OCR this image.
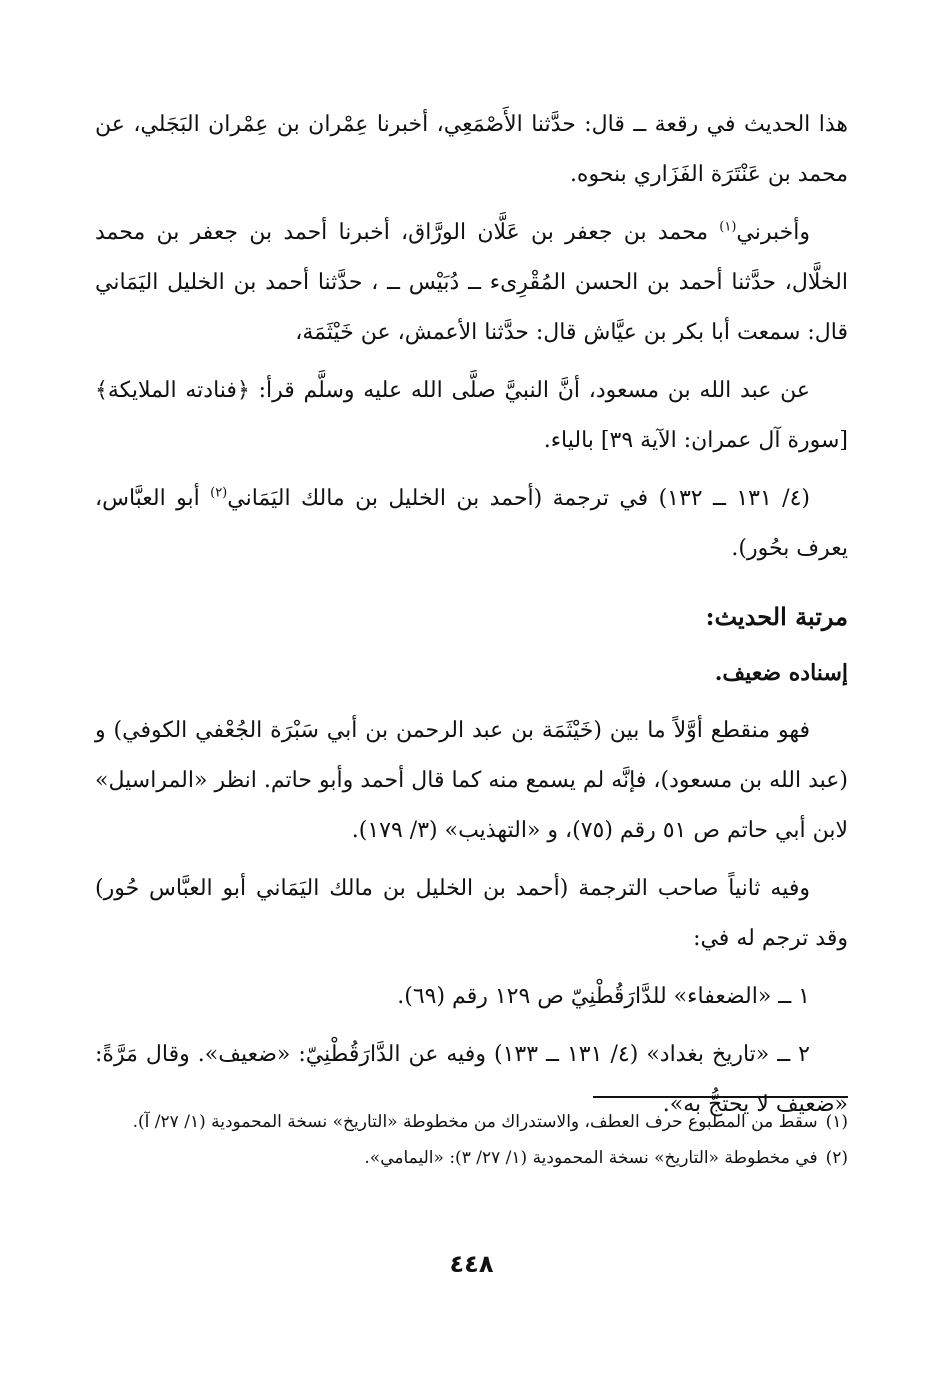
هذا الحديث في رقعة ــ قال: حدَّثنا الأَصْمَعِي، أخبرنا عِمْران بن عِمْران البَجَلي، عن محمد بن عَنْتَرَة الفَزَاري بنحوه.

وأخبرني$^{(١)}$ محمد بن جعفر بن عَلَّان الورَّاق، أخبرنا أحمد بن جعفر بن محمد الخلَّال، حدَّثنا أحمد بن الحسن المُقْرِىء ــ دُبَيْس ــ ، حدَّثنا أحمد بن الخليل اليَمَاني قال: سمعت أبا بكر بن عيَّاش قال: حدَّثنا الأعمش، عن خَيْثَمَة،

عن عبد الله بن مسعود، أنَّ النبيَّ صلَّى الله عليه وسلَّم قرأ: ﴿فنادته الملايكة﴾ [سورة آل عمران: الآية ٣٩] بالياء.

(٤/ ١٣١ ــ ١٣٢) في ترجمة (أحمد بن الخليل بن مالك اليَمَاني$^{(٢)}$ أبو العبَّاس، يعرف بحُور).

مرتبة الحديث:

إسناده ضعيف.

فهو منقطع أوَّلاً ما بين (خَيْثَمَة بن عبد الرحمن بن أبي سَبْرَة الجُعْفي الكوفي) و (عبد الله بن مسعود)، فإنَّه لم يسمع منه كما قال أحمد وأبو حاتم. انظر «المراسيل» لابن أبي حاتم ص ٥١ رقم (٧٥)، و «التهذيب» (٣/ ١٧٩).

وفيه ثانياً صاحب الترجمة (أحمد بن الخليل بن مالك اليَمَاني أبو العبَّاس حُور) وقد ترجم له في:

١ ــ «الضعفاء» للدَّارَقُطْنِيّ ص ١٢٩ رقم (٦٩).

٢ ــ «تاريخ بغداد» (٤/ ١٣١ ــ ١٣٣) وفيه عن الدَّارَقُطْنِيّ: «ضعيف». وقال مَرَّةً: «ضعيف لا يحتجُّ به».

(١)
سقط من المطبوع حرف العطف، والاستدراك من مخطوطة «التاريخ» نسخة المحمودية (١/ ٢٧/ آ).
(٢)
في مخطوطة «التاريخ» نسخة المحمودية (١/ ٢٧/ ٣): «اليمامي».
٤٤٨
